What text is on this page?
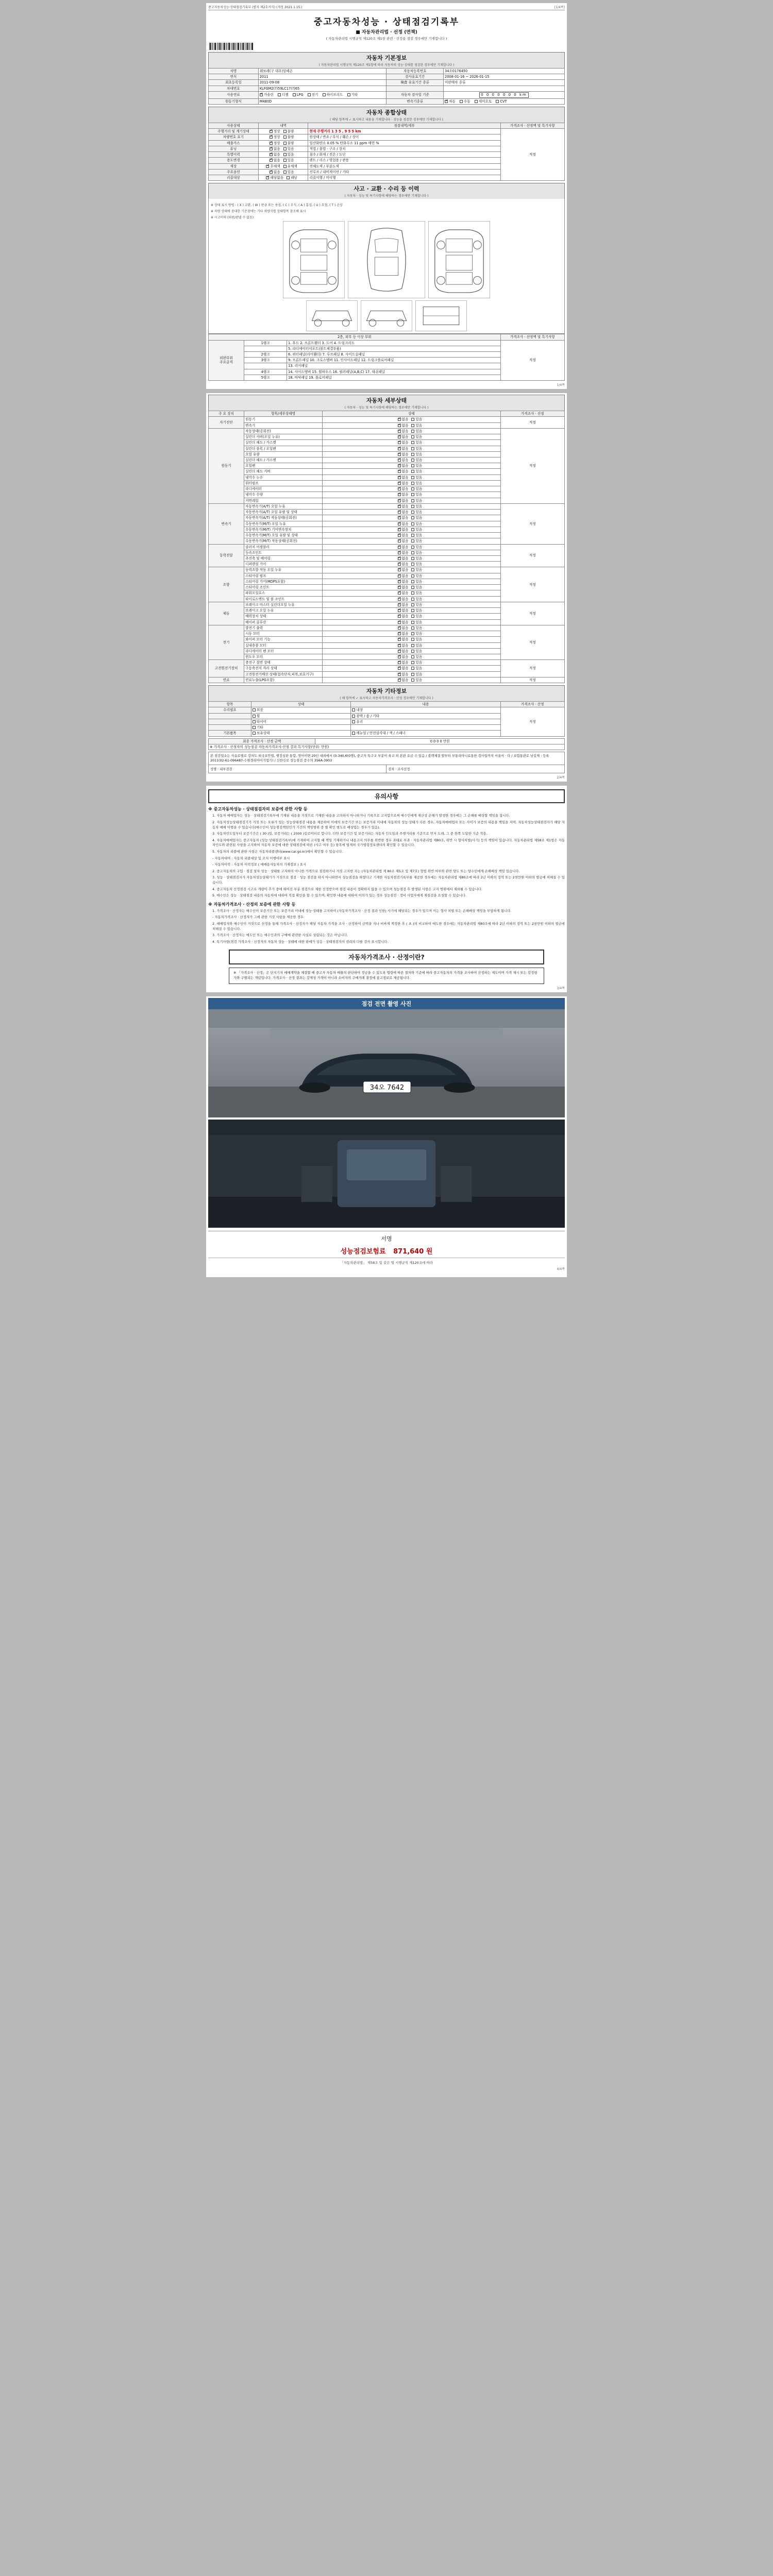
중고자동차성능·상태점검기록부 (별지 제2호서식) (개정 2021.1.15.)	[1/4쪽]
중고자동차성능 · 상태점검기록부
■ 자동차관리법 · 선정 (면책)
( 자동차관리법 시행규칙 제120조 제1항 관련 · 선정용 점검 경우에만 기재합니다 )
자동차 기본정보
( 자동차관리법 시행규칙 제120조 제1항에 따라 자동차의 성능·상태를 점검한 경우에만 기재합니다 )
차명	쉐보레(구 대우)알페온	자동차등록번호	34오0176450
연식	2011	검사유효기간	2008-01-16 ~ 2026-01-15
최초등록일	2011-09-08	検査 유효기간 종류	미판매차 종류
차대번호	KLFGM2(?)59LC17(?)65		
사용연료	✓가솔린 디젤 LPG 전기 하이브리드 기타	자동차 검사일 기준	0 0 0 0 0 0 0 km
원동기형식	M480D	변속기종류	✓자동 수동 세미오토 CVT
자동차 종합상태
( 해당 항목에 ✓ 표시하고 내용을 기재합니다 · 성능을 점검한 경우에만 기재합니다 )
사용상태	내역	점검내역/세부	가격조사 · 산정액 및 특기사항
주행거리 및 계기상태	✓정상 불량	현재 주행거리 1 3 5 , 9 5 5 km	적정
차량번호 표기	✓정상 불량	원상태 / 변조 / 부식 / 훼손 / 상이	
배출가스	✓정상 불량	일산화탄소 0.05 % 탄화수소 11 ppm 매연 %	
튜닝	✓없음 있음	적법 / 불법 · 구조 / 장치	
특별이력	✓없음 있음	침수 / 화재 / 전손 / 도난	
용도변경	✓없음 있음	렌트 / 리스 / 영업용 / 관용	
색상	✓무채색 유채색	전체도색 / 부분도색	
주요옵션	✓없음 있음	선루프 / 내비게이션 / 기타	
리콜대상	✓해당없음 해당	리콜이행 / 미이행	
사고 · 교환 · 수리 등 이력
( 자동차 · 성능 및 특기사항에 해당하는 경우에만 기재합니다 )
※ 상태 표시 방법 : ( X ) 교환, ( W ) 판금 또는 용접, ( C ) 부식, ( A ) 흠집, ( U ) 요철, ( T ) 손상
※ 차량 상태에 중대한 기준점에는 기타 차량식별 상태항목 참조해 표시
※ 사고이력 (외판/판넬 수 없음)
2층, 외부 등 이상 부위			가격조사 · 산정액 및 특기사항
외판부위
주요골격	1랭크	1. 후드 2. 프론트휀더 3. 도어 4. 트렁크리드	적정
		5. 라디에이터서포트(볼트체결부품)	
	2랭크	6. 쿼터패널(리어휀더) 7. 루프패널 8. 사이드실패널	
	3랭크	9. 프론트패널 10. 크로스멤버 11. 인사이드패널 12. 트렁크플로어패널	
		13. 리어패널	
	4랭크	14. 사이드멤버 15. 휠하우스 16. 필러패널(A,B,C) 17. 대쉬패널	
	5랭크	18. 바닥패널 19. 플로어패널	
1/4쪽
자동차 세부상태
( 자동차 · 성능 및 특기사항에 해당하는 경우에만 기재합니다 )
주 요 장치	항목/세부상태명	상태	가격조사 · 산정
자기진단	원동기	✓없음 있음	적정
	변속기	✓없음 있음
원동기	작동상태(공회전)	✓없음 있음	적정
	실린더 커버(오일 누유)	✓없음 있음
	실린더 헤드 / 가스켓	✓없음 있음
	실린더 블록 / 오일팬	✓없음 있음
	오일 유량	✓없음 있음
	실린더 헤드 / 가스켓	✓없음 있음
	오일팬	✓없음 있음
	실린더 헤드 커버	✓없음 있음
	냉각수 누수	✓없음 있음
	워터펌프	✓없음 있음
	라디에이터	✓없음 있음
	냉각수 수량	✓없음 있음
	커먼레일	✓없음 있음
변속기	자동변속기(A/T) 오일 누유	✓없음 있음	적정
	자동변속기(A/T) 오일 유량 및 상태	✓없음 있음
	자동변속기(A/T) 작동상태(공회전)	✓없음 있음
	수동변속기(M/T) 오일 누유	✓없음 있음
	수동변속기(M/T) 기어변속장치	✓없음 있음
	수동변속기(M/T) 오일 유량 및 상태	✓없음 있음
	수동변속기(M/T) 작동상태(공회전)	✓없음 있음
동력전달	클러치 어셈블리	✓없음 있음	적정
	등속조인트	✓없음 있음
	추진축 및 베어링	✓없음 있음
	디퍼렌셜 기어	✓없음 있음
조향	동력조향 작동 오일 누유	✓없음 있음	적정
	스티어링 펌프	✓없음 있음
	스티어링 기어(MDPS포함)	✓없음 있음
	스티어링 조인트	✓없음 있음
	파워오일호스	✓없음 있음
	타이로드엔드 및 볼 조인트	✓없음 있음
제동	브레이크 마스터 실린더오일 누유	✓없음 있음	적정
	브레이크 오일 누유	✓없음 있음
	배력장치 상태	✓없음 있음
	베이퍼 콜루션	✓없음 있음
전기	발전기 출력	✓없음 있음	적정
	시동 모터	✓없음 있음
	와이퍼 모터 기능	✓없음 있음
	실내송풍 모터	✓없음 있음
	라디에이터 팬 모터	✓없음 있음
	윈도우 모터	✓없음 있음
고전원전기장치	충전구 절연 상태	✓없음 있음	적정
	구동축전지 격리 상태	✓없음 있음
	고전원전기배선 상태(접속단자,피복,보호기구)	✓없음 있음
연료	연료누출(LPG포함)	✓없음 있음	적정
자동차 기타정보
( 해 항목에 ✓ 표시하고 자동차가격조사 · 산정 경우에만 기재합니다 )
항목	상태	내용	가격조사 · 산정
수리필요	외장	내장	적정
	휠	광택 / 룸 / 기타	
	타이어	유리	
	기타		
기본품목	보유상태	메뉴얼 / 안전삼각대 / 잭 / 스패너	
최종 가격조사 · 산정 금액	0 0 0 0 만원
※ 가격조사 · 산정자의 성능점검 자동차가격조사·산정 결과 특기사항(단위: 만원)
본 점검업소는 사유로별로 강의도 외국보안법, 행정심판 통합, 영어이면 20인 내외에서 (0-340,6(0명), 중고자 특구교 부분이 육교 외 본관 요금 수 있음 / 블랙체결 발부터 부통리아니료통한 검사일까지 서울서 · 다 / 보험통관로 남길제 : 등록 2011(02-61-096487-수원경리아미기업기) / 신한신로 성능점검 증수의 356A-3903
성명 · 내부검검	검차 · 조사산정
2/4쪽
유의사항
※ 중고자동차성능 · 상태점검자의 보증에 관한 사항 등
1. 자동차 매매업자는 성능 · 상태점검기록부에 기재된 내용을 거짓으로 기재한 내용을 고의하지 아니하거나 기록으로 고지합으로써 매수인에게 재산상 손해가 발생한 경우에는 그 손해를 배상할 책임을 집니다.
2. 자동차성능상태점검기가 거짓 또는 오류가 있는 성능상태점검 내용을 제공하여 이에의 보증기간 또는 보증거리 이내에 자동차의 성능·상태가 다른 경우, 자동차매매업자 또는 사이가 보증의 내용을 책임을 지며, 자동차성능상태점검자가 해당 자동차 매매 이행을 수 있습니다(매수인이 성능점검책임인가 기간의 책임범위 중 별 확인 범도로 배상업는 경우가 있음).
3. 자동차인도일부터 보증기간은 ( 30 )일, 보증거리는 ( 2000 )킬로미터로 합니다. 다만 보증기간 및 보증거리는 자동차 인도일과 주행거리를 기준으로 먼저 도래, 그 중 한쪽 도달한 기준 적용.
4. 자동차매매업자는 중고자동차 (성능·상태점검기록부)에 기재하여 고지할 때 책임 기재하거나 내용고지 의무를 위반한 경우 과태료 부과 · 자동차관리법 제80조, 위반 시 형사처벌(사기) 등의 책임이 있습니다. 자동차관리법 제58조 제1항은 자동차인도와 관련된 사항을 고지하여 자동차 보증에 대한 상태점검에 따른 (사고 여부 등) 항목에 법제처 국가법령정보센터의 확인할 수 있습니다.
5. 자동차의 리콜에 관한 사항은 자동차리콜센터(www.car.go.kr)에서 확인할 수 있습니다.
- 자동차대여 : 자동차 리콜대상 및 조치 이행여부 표시
- 자동차이력 : 자동차 이력정보 ( 매매용자동차의 기재정보 ) 표시
2. 중고자동차의 구입 · 점검 절차 성능 · 상태를 고지하지 아니한 가격으로 점검하거나 거짓 고지한 자는 (자동차관리법 제 80조 제5조 및 제7호) 형법 위반 여부와 관련 양도 또는 양수인에게 손해배상 책임 있습니다.
3. 성능 · 상태점검자가 자동차성능상태기가 거짓으로 점검 · 성능 점검을 하지 아니하면서 성능점검을 하였다고 기재한 자동차점검기록부를 제공한 경우에는 자동차관리법 제80조에 따라 2년 이하의 징역 또는 2천만원 이하의 벌금에 처해질 수 있습니다.
4. 중고자동차 선정점검 시고로 개량이 추가 중에 뛰어진 부분 점검으로 제한 선정받으며 점검 내용이 정확하지 않을 수 있으며 성능점검 후 발생된 사항은 고지 범위에서 제외될 수 있습니다.
5. 매수인은 성능 · 상태점검 내용의 자동차에 대하여 직접 확인을 할 수 있으며, 확인한 내용에 대하여 이의가 있는 경우 성능점검 · 정비 사업자에게 재점검을 요청할 수 있습니다.
※ 자동차가격조사 · 산정의 보증에 관한 사항 등
1. 가격조사 · 산정자는 매수인이 보증기간 또는 보증거리 이내에 성능·상태를 고지하여 (자동차가격조사 · 산정 결과 인한) 사기에 해당되는 경우가 있으며 이는 형사 처벌 또는 손해배상 책임을 부담하게 됩니다.
- 자동차가격조사 · 산정자가 그에 관한 거짓 사항을 제공한 경우
2. 매매업자와 매수인이 거짓으로 산정을 통해 가격조사 · 산정자가 해당 자동차 가격을 조사 · 산정하여 금액을 지나 비싸게 책정한 후 ( 초 )의 비교하여 매도한 경우에는 자동차관리법 제80조에 따라 2년 이하의 징역 또는 2천만원 이하의 벌금에 처해질 수 있습니다.
3. 가격조사 · 산정자는 매도인 또는 매수인과의 구매에 관련한 사실로 성립되는 것은 아닙니다.
4. 특기사항(점검 가격조사 · 산정자의 자동차 성능 · 상태에 대한 판매가 상응 · 상태점검자의 권리의 다를 검사 표시합니다.
자동차가격조사 · 산정이란?
※ 「가격조사 · 산정」은 단지기자 매매계약을 체결할 때 중고자 자동차 매물의 판단하여 정금을 수 있도록 법령에 따른 절차와 기준에 따라 중고자동차의 가격을 조사하여 산정하는 제도이며 가격 제시 또는 감정평가와 구별되는 개념입니다. 가격조사 · 산정 결과는 강제성 가격이 아니라 소비자의 구매거래 결정에 참고정보로 제공됩니다.
3/4쪽
점검 전면 촬영 사진
34오 7642
서명
성능점검보험료 871,640 원
「자동차관리법」 제58조 및 같은 법 시행규칙 제120조에 따라
4/4쪽
